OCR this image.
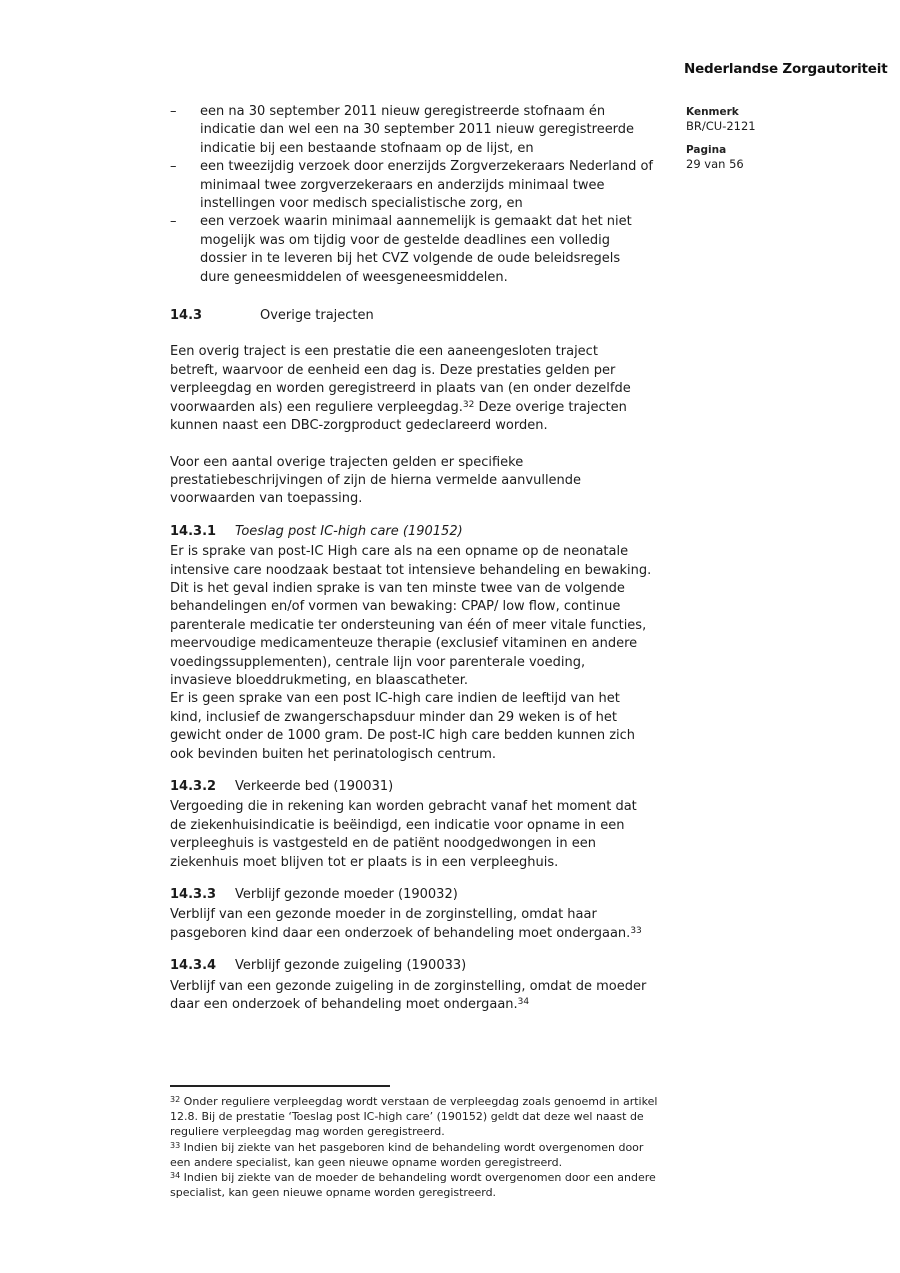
Nederlandse Zorgautoriteit
Kenmerk
BR/CU-2121
Pagina
29 van 56
–	een na 30 september 2011 nieuw geregistreerde stofnaam én
indicatie dan wel een na 30 september 2011 nieuw geregistreerde
indicatie bij een bestaande stofnaam op de lijst, en
–	een tweezijdig verzoek door enerzijds Zorgverzekeraars Nederland of
minimaal twee zorgverzekeraars en anderzijds minimaal twee
instellingen voor medisch specialistische zorg, en
–	een verzoek waarin minimaal aannemelijk is gemaakt dat het niet
mogelijk was om tijdig voor de gestelde deadlines een volledig
dossier in te leveren bij het CVZ volgende de oude beleidsregels
dure geneesmiddelen of weesgeneesmiddelen.
14.3	Overige trajecten
Een overig traject is een prestatie die een aaneengesloten traject
betreft, waarvoor de eenheid een dag is. Deze prestaties gelden per
verpleegdag en worden geregistreerd in plaats van (en onder dezelfde
voorwaarden als) een reguliere verpleegdag.$^{32}$ Deze overige trajecten
kunnen naast een DBC-zorgproduct gedeclareerd worden.
Voor een aantal overige trajecten gelden er specifieke
prestatiebeschrijvingen of zijn de hierna vermelde aanvullende
voorwaarden van toepassing.
14.3.1 Toeslag post IC-high care (190152)
Er is sprake van post-IC High care als na een opname op de neonatale
intensive care noodzaak bestaat tot intensieve behandeling en bewaking.
Dit is het geval indien sprake is van ten minste twee van de volgende
behandelingen en/of vormen van bewaking: CPAP/ low flow, continue
parenterale medicatie ter ondersteuning van één of meer vitale functies,
meervoudige medicamenteuze therapie (exclusief vitaminen en andere
voedingssupplementen), centrale lijn voor parenterale voeding,
invasieve bloeddrukmeting, en blaascatheter.
Er is geen sprake van een post IC-high care indien de leeftijd van het
kind, inclusief de zwangerschapsduur minder dan 29 weken is of het
gewicht onder de 1000 gram. De post-IC high care bedden kunnen zich
ook bevinden buiten het perinatologisch centrum.
14.3.2 Verkeerde bed (190031)
Vergoeding die in rekening kan worden gebracht vanaf het moment dat
de ziekenhuisindicatie is beëindigd, een indicatie voor opname in een
verpleeghuis is vastgesteld en de patiënt noodgedwongen in een
ziekenhuis moet blijven tot er plaats is in een verpleeghuis.
14.3.3 Verblijf gezonde moeder (190032)
Verblijf van een gezonde moeder in de zorginstelling, omdat haar
pasgeboren kind daar een onderzoek of behandeling moet ondergaan.$^{33}$
14.3.4 Verblijf gezonde zuigeling (190033)
Verblijf van een gezonde zuigeling in de zorginstelling, omdat de moeder
daar een onderzoek of behandeling moet ondergaan.$^{34}$
$^{32}$ Onder reguliere verpleegdag wordt verstaan de verpleegdag zoals genoemd in artikel
12.8. Bij de prestatie ‘Toeslag post IC-high care’ (190152) geldt dat deze wel naast de
reguliere verpleegdag mag worden geregistreerd.
$^{33}$ Indien bij ziekte van het pasgeboren kind de behandeling wordt overgenomen door
een andere specialist, kan geen nieuwe opname worden geregistreerd.
$^{34}$ Indien bij ziekte van de moeder de behandeling wordt overgenomen door een andere
specialist, kan geen nieuwe opname worden geregistreerd.
